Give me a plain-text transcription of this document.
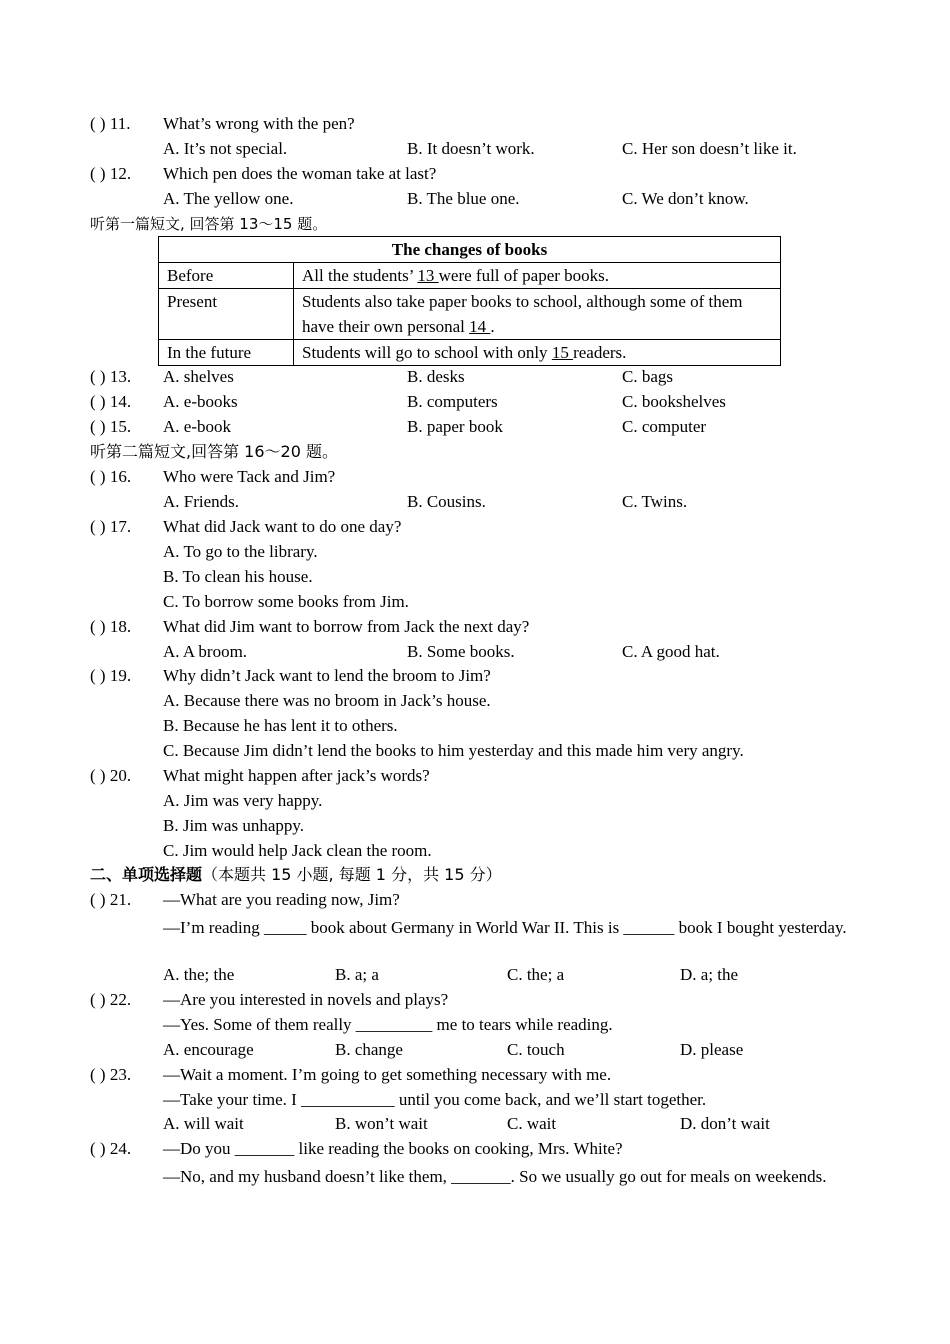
( ) 11. What’s wrong with the pen?
A. It’s not special.	B. It doesn’t work.	C. Her son doesn’t like it.
( ) 12. Which pen does the woman take at last?
A. The yellow one.	B. The blue one.	C. We don’t know.
听第一篇短文, 回答第 13～15 题。
The changes of books	
Before	All the students’ 13 were full of paper books.
Present	Students also take paper books to school, although some of them have their own personal 14 .
In the future	Students will go to school with only 15 readers.
( ) 13. A. shelves	B. desks	C. bags
( ) 14. A. e-books	B. computers	C. bookshelves
( ) 15. A. e-book	B. paper book	C. computer
听第二篇短文,回答第 16～20 题。
( ) 16. Who were Tack and Jim?
A. Friends.	B. Cousins.	C. Twins.
( ) 17. What did Jack want to do one day?
A. To go to the library.
B. To clean his house.
C. To borrow some books from Jim.
( ) 18. What did Jim want to borrow from Jack the next day?
A. A broom.	B. Some books.	C. A good hat.
( ) 19. Why didn’t Jack want to lend the broom to Jim?
A. Because there was no broom in Jack’s house.
B. Because he has lent it to others.
C. Because Jim didn’t lend the books to him yesterday and this made him very angry.
( ) 20. What might happen after jack’s words?
A. Jim was very happy.
B. Jim was unhappy.
C. Jim would help Jack clean the room.
二、单项选择题（本题共 15 小题, 每题 1 分，共 15 分）
( ) 21. —What are you reading now, Jim?
—I’m reading _____ book about Germany in World War II. This is ______ book I bought yesterday.
A. the; the	B. a; a	C. the; a	D. a; the
( ) 22. —Are you interested in novels and plays?
—Yes. Some of them really _________ me to tears while reading.
A. encourage	B. change	C. touch	D. please
( ) 23. —Wait a moment. I’m going to get something necessary with me.
—Take your time. I ___________ until you come back, and we’ll start together.
A. will wait	B. won’t wait	C. wait	D. don’t wait
( ) 24. —Do you _______ like reading the books on cooking, Mrs. White?
—No, and my husband doesn’t like them, _______. So we usually go out for meals on weekends.
